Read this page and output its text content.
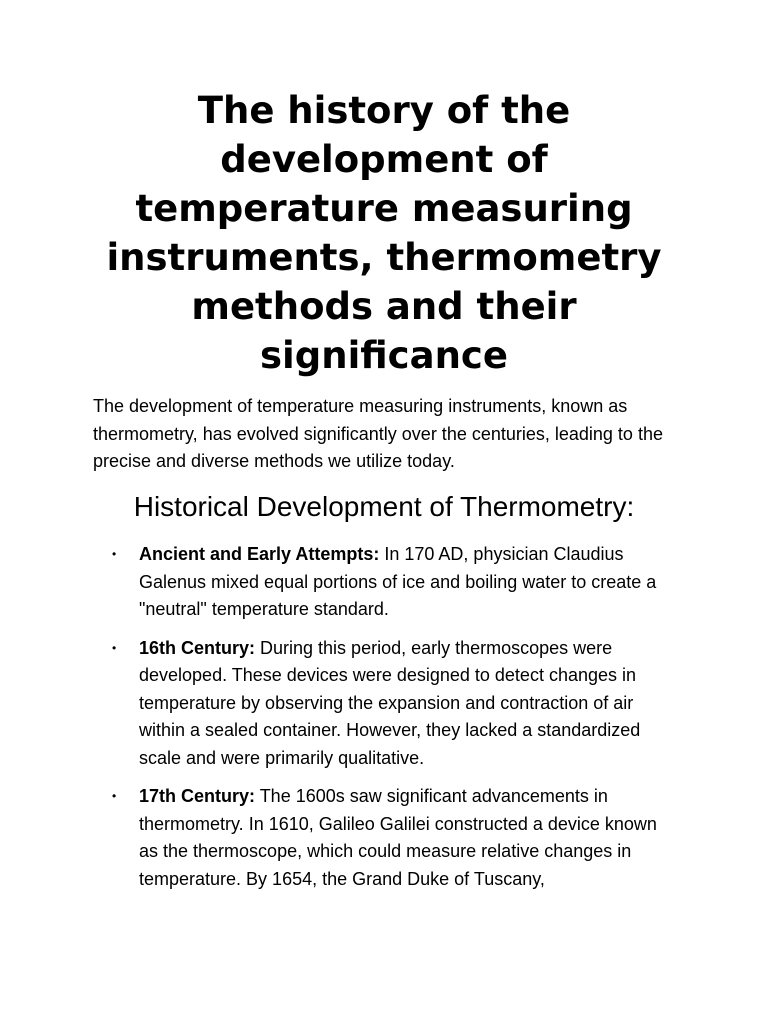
The history of the development of temperature measuring instruments, thermometry methods and their significance

The development of temperature measuring instruments, known as thermometry, has evolved significantly over the centuries, leading to the precise and diverse methods we utilize today.

Historical Development of Thermometry:
• Ancient and Early Attempts: In 170 AD, physician Claudius Galenus mixed equal portions of ice and boiling water to create a "neutral" temperature standard.
• 16th Century: During this period, early thermoscopes were developed. These devices were designed to detect changes in temperature by observing the expansion and contraction of air within a sealed container. However, they lacked a standardized scale and were primarily qualitative.
• 17th Century: The 1600s saw significant advancements in thermometry. In 1610, Galileo Galilei constructed a device known as the thermoscope, which could measure relative changes in temperature. By 1654, the Grand Duke of Tuscany,
